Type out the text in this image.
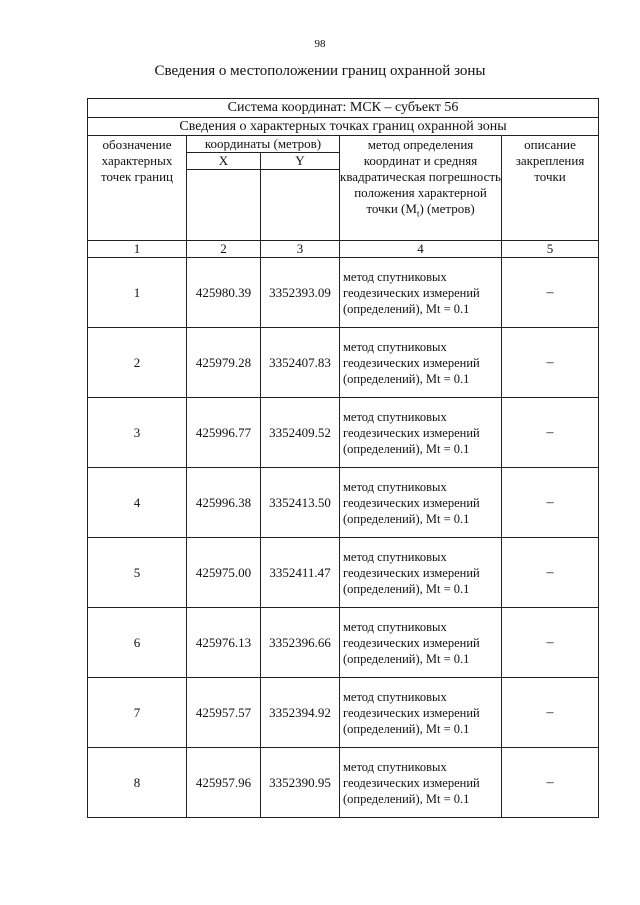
98
Сведения о местоположении границ охранной зоны
Система координат: МСК – субъект 56				
Сведения о характерных точках границ охранной зоны				
обозначение характерных точек границ	координаты (метров)		метод определения координат и средняя квадратическая погрешность положения характерной точки $(M_t)$ (метров)	описание закрепления точки
	X	Y		

1	2	3	4	5
1	425980.39	3352393.09	метод спутниковых геодезических измерений (определений), Mt = 0.1	–
2	425979.28	3352407.83	метод спутниковых геодезических измерений (определений), Mt = 0.1	–
3	425996.77	3352409.52	метод спутниковых геодезических измерений (определений), Mt = 0.1	–
4	425996.38	3352413.50	метод спутниковых геодезических измерений (определений), Mt = 0.1	–
5	425975.00	3352411.47	метод спутниковых геодезических измерений (определений), Mt = 0.1	–
6	425976.13	3352396.66	метод спутниковых геодезических измерений (определений), Mt = 0.1	–
7	425957.57	3352394.92	метод спутниковых геодезических измерений (определений), Mt = 0.1	–
8	425957.96	3352390.95	метод спутниковых геодезических измерений (определений), Mt = 0.1	–
